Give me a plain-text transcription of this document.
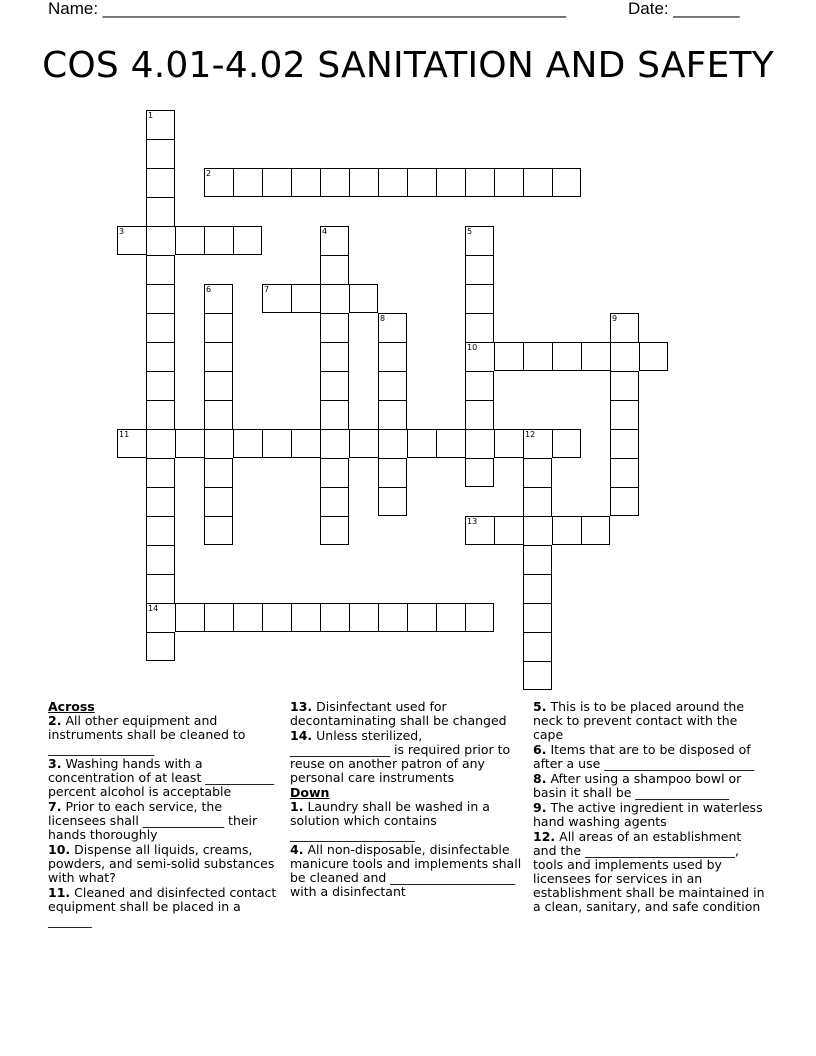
Name: _________________________________________________

	Date: _______

COS 4.01-4.02 SANITATION AND SAFETY
1
14
2
3	4	5
10
6	7
8	9
11	12
13
Across
2. All other equipment and instruments shall be cleaned to _________________
3. Washing hands with a concentration of at least ___________ percent alcohol is acceptable
7. Prior to each service, the licensees shall _____________ their hands thoroughly
10. Dispense all liquids, creams, powders, and semi-solid substances with what?
11. Cleaned and disinfected contact equipment shall be placed in a _______
13. Disinfectant used for decontaminating shall be changed
14. Unless sterilized, ________________ is required prior to reuse on another patron of any personal care instruments
Down
1. Laundry shall be washed in a solution which contains ____________________
4. All non-disposable, disinfectable manicure tools and implements shall be cleaned and ____________________ with a disinfectant
5. This is to be placed around the neck to prevent contact with the cape
6. Items that are to be disposed of after a use ________________________
8. After using a shampoo bowl or basin it shall be _______________
9. The active ingredient in waterless hand washing agents
12. All areas of an establishment and the ________________________, tools and implements used by licensees for services in an establishment shall be maintained in a clean, sanitary, and safe condition
